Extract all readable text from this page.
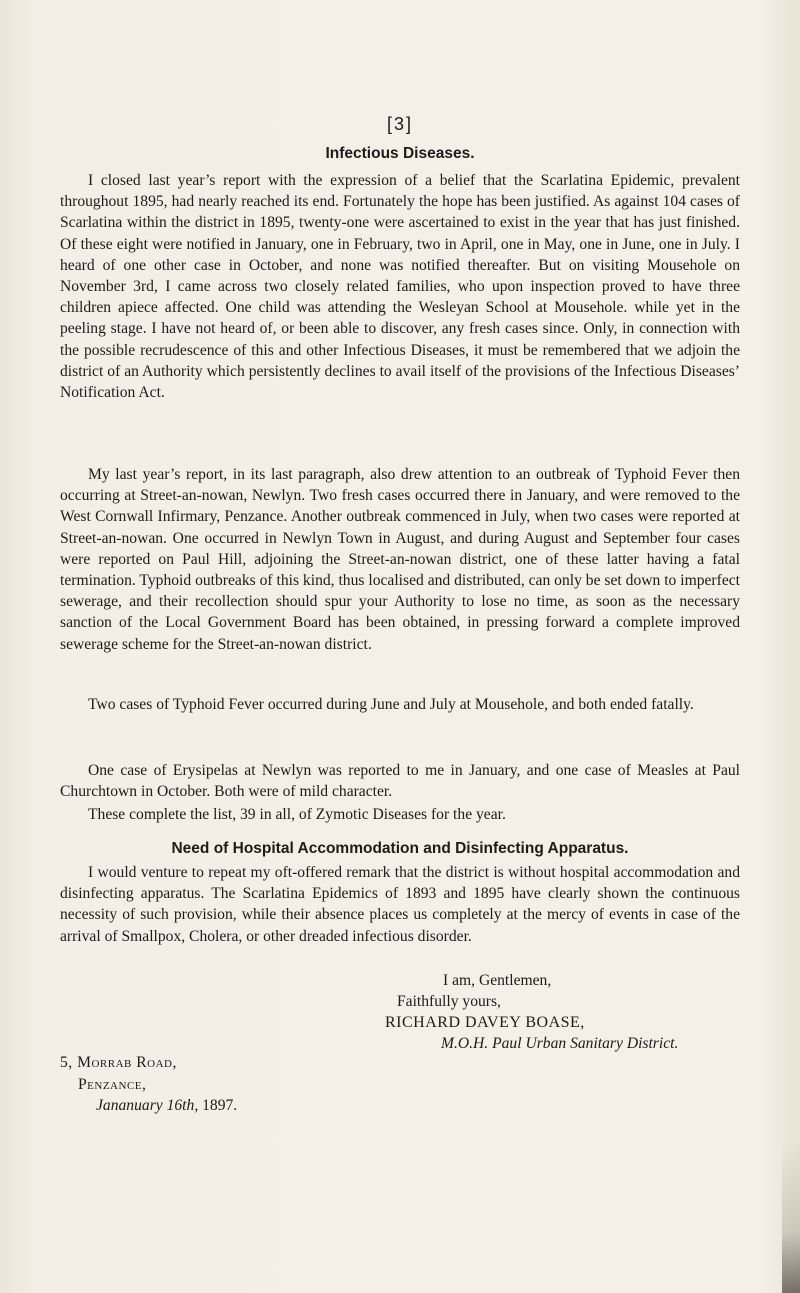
[3]
Infectious Diseases.

I closed last year’s report with the expression of a belief that the Scarlatina Epidemic, prevalent throughout 1895, had nearly reached its end. Fortunately the hope has been justified. As against 104 cases of Scarlatina within the district in 1895, twenty-one were ascertained to exist in the year that has just finished. Of these eight were notified in January, one in February, two in April, one in May, one in June, one in July. I heard of one other case in October, and none was notified thereafter. But on visiting Mousehole on November 3rd, I came across two closely related families, who upon inspection proved to have three children apiece affected. One child was attending the Wesleyan School at Mousehole. while yet in the peeling stage. I have not heard of, or been able to discover, any fresh cases since. Only, in connection with the possible recrudescence of this and other Infectious Diseases, it must be remembered that we adjoin the district of an Authority which persistently declines to avail itself of the provisions of the Infectious Diseases’ Notification Act.

My last year’s report, in its last paragraph, also drew attention to an outbreak of Typhoid Fever then occurring at Street-an-nowan, Newlyn. Two fresh cases occurred there in January, and were removed to the West Cornwall Infirmary, Penzance. Another outbreak commenced in July, when two cases were reported at Street-an-nowan. One occurred in Newlyn Town in August, and during August and September four cases were reported on Paul Hill, adjoining the Street-an-nowan district, one of these latter having a fatal termination. Typhoid outbreaks of this kind, thus localised and distributed, can only be set down to imperfect sewerage, and their recollection should spur your Authority to lose no time, as soon as the necessary sanction of the Local Government Board has been obtained, in pressing forward a complete improved sewerage scheme for the Street-an-nowan district.

Two cases of Typhoid Fever occurred during June and July at Mousehole, and both ended fatally.

One case of Erysipelas at Newlyn was reported to me in January, and one case of Measles at Paul Churchtown in October. Both were of mild character.

These complete the list, 39 in all, of Zymotic Diseases for the year.

Need of Hospital Accommodation and Disinfecting Apparatus.

I would venture to repeat my oft-offered remark that the district is without hospital accommodation and disinfecting apparatus. The Scarlatina Epidemics of 1893 and 1895 have clearly shown the continuous necessity of such provision, while their absence places us completely at the mercy of events in case of the arrival of Smallpox, Cholera, or other dreaded infectious disorder.

I am, Gentlemen,
Faithfully yours,
RICHARD DAVEY BOASE,
M.O.H. Paul Urban Sanitary District.
5, Morrab Road,
Penzance,
Jananuary 16th, 1897.
